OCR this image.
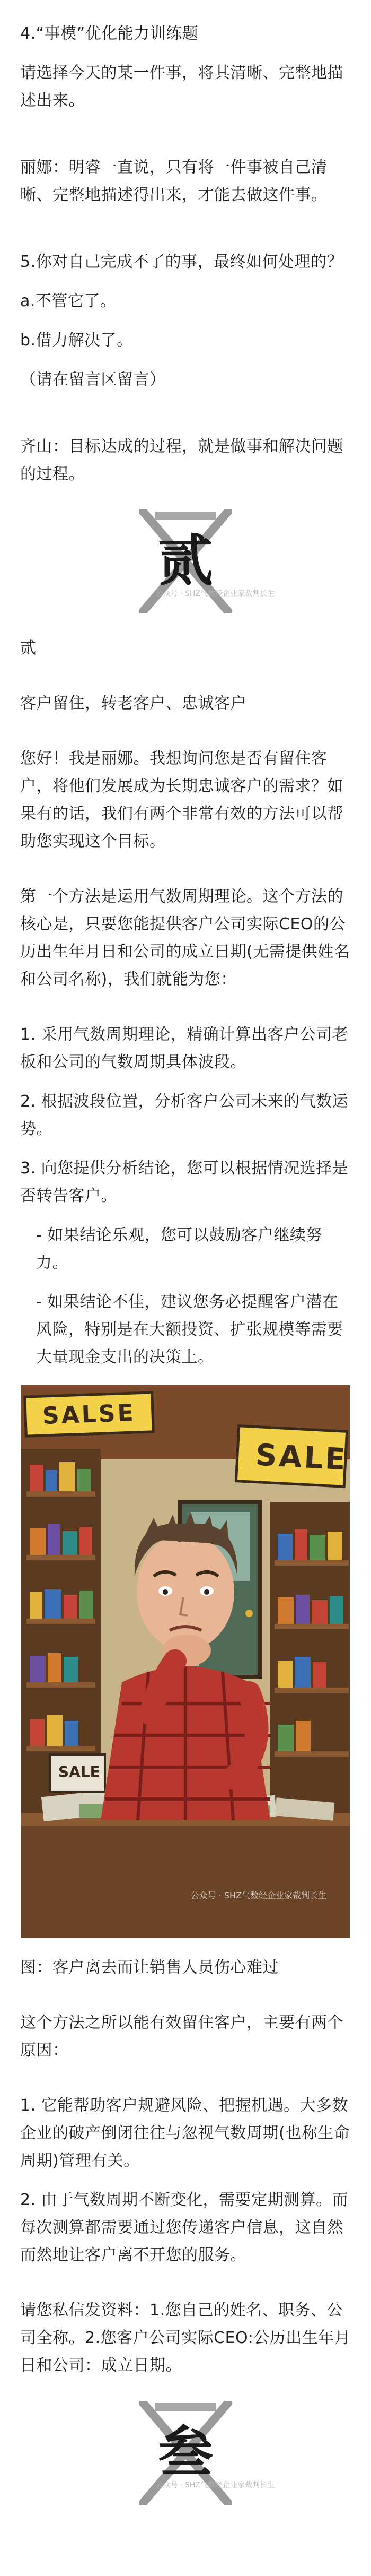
4.“事模”优化能力训练题

请选择今天的某一件事，将其清晰、完整地描述出来。

丽娜：明睿一直说，只有将一件事被自己清晰、完整地描述得出来，才能去做这件事。

5.你对自己完成不了的事，最终如何处理的？

a.不管它了。

b.借力解决了。

（请在留言区留言）

齐山：目标达成的过程，就是做事和解决问题的过程。

贰
公众号 · SHZ气数经企业家裁判长生

贰

客户留住，转老客户、忠诚客户

您好！我是丽娜。我想询问您是否有留住客户，将他们发展成为长期忠诚客户的需求？如果有的话，我们有两个非常有效的方法可以帮助您实现这个目标。

第一个方法是运用气数周期理论。这个方法的核心是，只要您能提供客户公司实际CEO的公历出生年月日和公司的成立日期(无需提供姓名和公司名称)，我们就能为您：

1. 采用气数周期理论，精确计算出客户公司老板和公司的气数周期具体波段。

2. 根据波段位置，分析客户公司未来的气数运势。

3. 向您提供分析结论，您可以根据情况选择是否转告客户。

- 如果结论乐观，您可以鼓励客户继续努力。

- 如果结论不佳，建议您务必提醒客户潜在风险，特别是在大额投资、扩张规模等需要大量现金支出的决策上。

SALSE
SALE
SALE
公众号 · SHZ气数经企业家裁判长生

图：客户离去而让销售人员伤心难过

这个方法之所以能有效留住客户，主要有两个原因：

1. 它能帮助客户规避风险、把握机遇。大多数企业的破产倒闭往往与忽视气数周期(也称生命周期)管理有关。

2. 由于气数周期不断变化，需要定期测算。而每次测算都需要通过您传递客户信息，这自然而然地让客户离不开您的服务。

请您私信发资料：1.您自己的姓名、职务、公司全称。2.您客户公司实际CEO:公历出生年月日和公司：成立日期。

叁
公众号 · SHZ气数经企业家裁判长生
